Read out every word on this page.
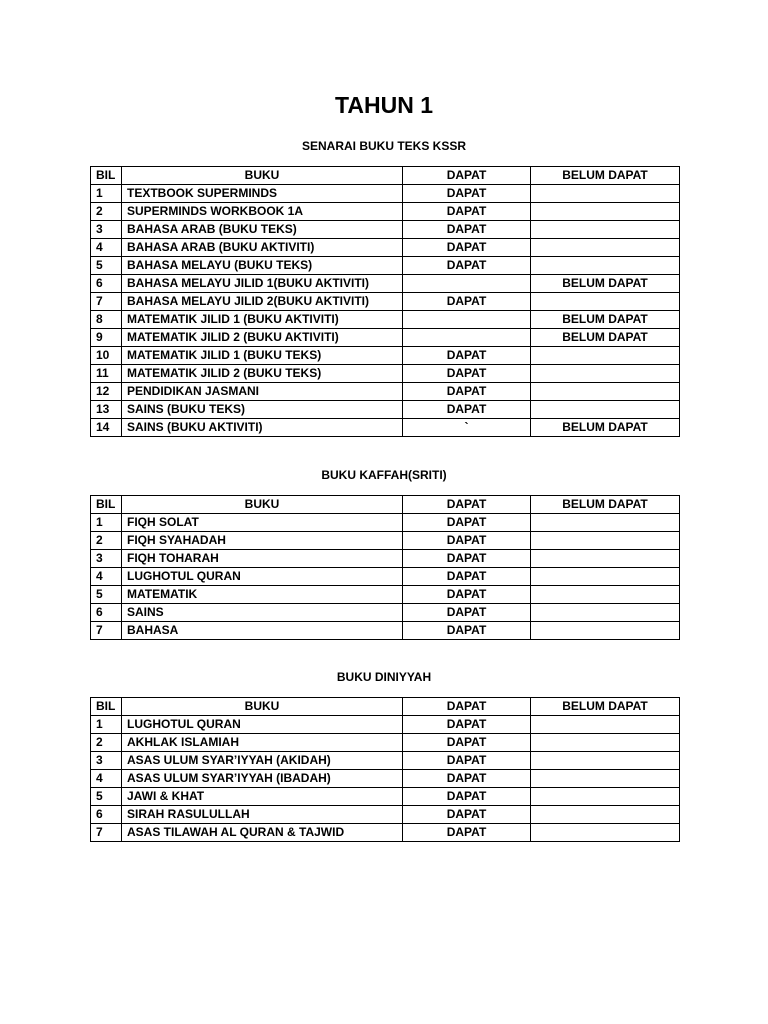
TAHUN 1
SENARAI BUKU TEKS KSSR
BIL	BUKU	DAPAT	BELUM DAPAT
1	TEXTBOOK SUPERMINDS	DAPAT	
2	SUPERMINDS WORKBOOK 1A	DAPAT	
3	BAHASA ARAB (BUKU TEKS)	DAPAT	
4	BAHASA ARAB (BUKU AKTIVITI)	DAPAT	
5	BAHASA MELAYU (BUKU TEKS)	DAPAT	
6	BAHASA MELAYU JILID 1(BUKU AKTIVITI)		BELUM DAPAT
7	BAHASA MELAYU JILID 2(BUKU AKTIVITI)	DAPAT	
8	MATEMATIK JILID 1 (BUKU AKTIVITI)		BELUM DAPAT
9	MATEMATIK JILID 2 (BUKU AKTIVITI)		BELUM DAPAT
10	MATEMATIK JILID 1 (BUKU TEKS)	DAPAT	
11	MATEMATIK JILID 2 (BUKU TEKS)	DAPAT	
12	PENDIDIKAN JASMANI	DAPAT	
13	SAINS (BUKU TEKS)	DAPAT	
14	SAINS (BUKU AKTIVITI)	`	BELUM DAPAT
BUKU KAFFAH(SRITI)
BIL	BUKU	DAPAT	BELUM DAPAT
1	FIQH SOLAT	DAPAT	
2	FIQH SYAHADAH	DAPAT	
3	FIQH TOHARAH	DAPAT	
4	LUGHOTUL QURAN	DAPAT	
5	MATEMATIK	DAPAT	
6	SAINS	DAPAT	
7	BAHASA	DAPAT	
BUKU DINIYYAH
BIL	BUKU	DAPAT	BELUM DAPAT
1	LUGHOTUL QURAN	DAPAT	
2	AKHLAK ISLAMIAH	DAPAT	
3	ASAS ULUM SYAR’IYYAH (AKIDAH)	DAPAT	
4	ASAS ULUM SYAR’IYYAH (IBADAH)	DAPAT	
5	JAWI & KHAT	DAPAT	
6	SIRAH RASULULLAH	DAPAT	
7	ASAS TILAWAH AL QURAN & TAJWID	DAPAT	
